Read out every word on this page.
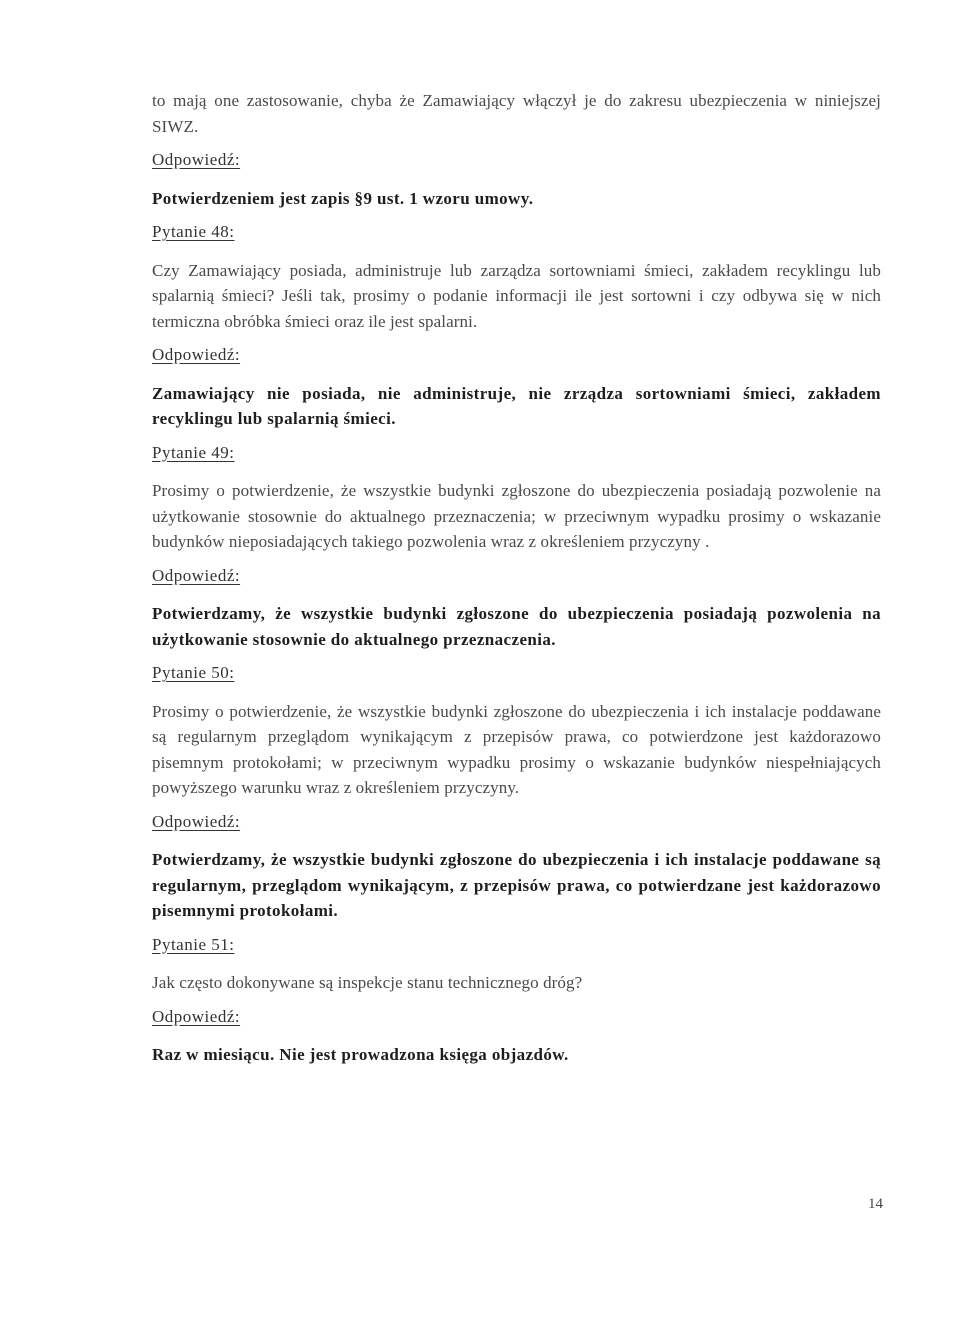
to mają one zastosowanie, chyba że Zamawiający włączył je do zakresu ubezpieczenia w niniejszej SIWZ.

Odpowiedź:

Potwierdzeniem jest zapis §9 ust. 1 wzoru umowy.

Pytanie 48:

Czy Zamawiający posiada, administruje lub zarządza sortowniami śmieci, zakładem recyklingu lub spalarnią śmieci? Jeśli tak, prosimy o podanie informacji ile jest sortowni i czy odbywa się w nich termiczna obróbka śmieci oraz ile jest spalarni.

Odpowiedź:

Zamawiający nie posiada, nie administruje, nie zrządza sortowniami śmieci, zakładem recyklingu lub spalarnią śmieci.

Pytanie 49:

Prosimy o potwierdzenie, że wszystkie budynki zgłoszone do ubezpieczenia posiadają pozwolenie na użytkowanie stosownie do aktualnego przeznaczenia; w przeciwnym wypadku prosimy o wskazanie budynków nieposiadających takiego pozwolenia wraz z określeniem przyczyny .

Odpowiedź:

Potwierdzamy, że wszystkie budynki zgłoszone do ubezpieczenia posiadają pozwolenia na użytkowanie stosownie do aktualnego przeznaczenia.

Pytanie 50:

Prosimy o potwierdzenie, że wszystkie budynki zgłoszone do ubezpieczenia i ich instalacje poddawane są regularnym przeglądom wynikającym z przepisów prawa, co potwierdzone jest każdorazowo pisemnym protokołami; w przeciwnym wypadku prosimy o wskazanie budynków niespełniających powyższego warunku wraz z określeniem przyczyny.

Odpowiedź:

Potwierdzamy, że wszystkie budynki zgłoszone do ubezpieczenia i ich instalacje poddawane są regularnym, przeglądom wynikającym, z przepisów prawa, co potwierdzane jest każdorazowo pisemnymi protokołami.

Pytanie 51:

Jak często dokonywane są inspekcje stanu technicznego dróg?

Odpowiedź:

Raz w miesiącu. Nie jest prowadzona księga objazdów.

14
